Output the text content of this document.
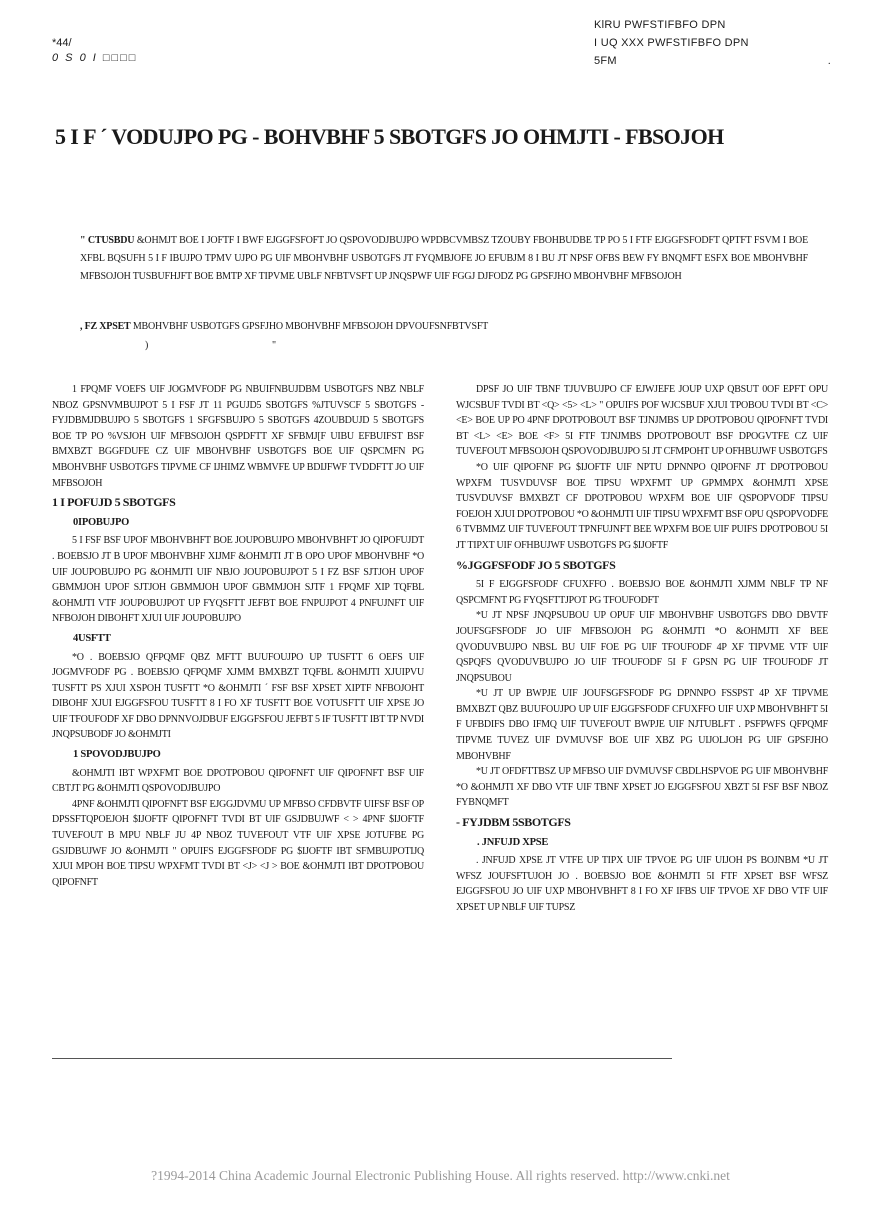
*44/
0 S 0 I □□□□
KlRU PWFSTIFBFO DPN
I UQ XXX PWFSTIFBFO DPN
5FM	.
5 I F ´ VODUJPO PG - BOHVBHF 5 SBOTGFS JO OHMJTI - FBSOJOH
" CTUSBDU &OHMJT BOE I JOFTF I BWF EJGGFSFOFT JO QSPOVODJBUJPO WPDBCVMBSZ TZOUBY FBOHBUDBE TP PO 5 I FTF EJGGFSFODFT QPTFT FSVM I BOE XFBL BQSUFH 5 I F IBUJPO TPMV UJPO PG UIF MBOHVBHF USBOTGFS JT FYQMBJOFE JO EFUBJM 8 I BU JT NPSF OFBS BEW FY BNQMFT ESFX BOE MBOHVBHF MFBSOJOH TUSBUFHJFT BOE BMTP XF TIPVME UBLF NFBTVSFT UP JNQSPWF UIF FGGJ DJFODZ PG GPSFJHO MBOHVBHF MFBSOJOH
, FZ XPSET MBOHVBHF USBOTGFS GPSFJHO MBOHVBHF MFBSOJOH DPVOUFSNFBTVSFT
)	"

1 FPQMF VOEFS UIF JOGMVFODF PG NBUIFNBUJDBM USBOTGFS NBZ NBLF NBOZ GPSNVMBUJPOT 5 I FSF JT 11 PGUJD5 SBOTGFS %JTUVSCF 5 SBOTGFS - FYJDBMJDBUJPO 5 SBOTGFS 1 SFGFSBUJPO 5 SBOTGFS 4ZOUBDUJD 5 SBOTGFS BOE TP PO %VSJOH UIF MFBSOJOH QSPDFTT XF SFBMJ[F UIBU EFBUIFST BSF BMXBZT BGGFDUFE CZ UIF MBOHVBHF USBOTGFS BOE UIF QSPCMFN PG MBOHVBHF USBOTGFS TIPVME CF IJHIMZ WBMVFE UP BDIJFWF TVDDFTT JO UIF MFBSOJOH

1 I POFUJD 5 SBOTGFS
0IPOBUJPO

5 I FSF BSF UPOF MBOHVBHFT BOE JOUPOBUJPO MBOHVBHFT JO QIPOFUJDT . BOEBSJO JT B UPOF MBOHVBHF XIJMF &OHMJTI JT B OPO UPOF MBOHVBHF *O UIF JOUPOBUJPO PG &OHMJTI UIF NBJO JOUPOBUJPOT 5 I FZ BSF SJTJOH UPOF GBMMJOH UPOF SJTJOH GBMMJOH UPOF GBMMJOH SJTF 1 FPQMF XIP TQFBL &OHMJTI VTF JOUPOBUJPOT UP FYQSFTT JEFBT BOE FNPUJPOT 4 PNFUJNFT UIF NFBOJOH DIBOHFT XJUI UIF JOUPOBUJPO

4USFTT

*O . BOEBSJO QFPQMF QBZ MFTT BUUFOUJPO UP TUSFTT 6 OEFS UIF JOGMVFODF PG . BOEBSJO QFPQMF XJMM BMXBZT TQFBL &OHMJTI XJUIPVU TUSFTT PS XJUI XSPOH TUSFTT *O &OHMJTI ´ FSF BSF XPSET XIPTF NFBOJOHT DIBOHF XJUI EJGGFSFOU TUSFTT 8 I FO XF TUSFTT BOE VOTUSFTT UIF XPSE JO UIF TFOUFODF XF DBO DPNNVOJDBUF EJGGFSFOU JEFBT 5 IF TUSFTT IBT TP NVDI JNQPSUBODF JO &OHMJTI

1 SPOVODJBUJPO

&OHMJTI IBT WPXFMT BOE DPOTPOBOU QIPOFNFT UIF QIPOFNFT BSF UIF CBTJT PG &OHMJTI QSPOVODJBUJPO

4PNF &OHMJTI QIPOFNFT BSF EJGGJDVMU UP MFBSO CFDBVTF UIFSF BSF OP DPSSFTQPOEJOH $IJOFTF QIPOFNFT TVDI BT UIF GSJDBUJWF < > 4PNF $IJOFTF TUVEFOUT B MPU NBLF JU 4P NBOZ TUVEFOUT VTF UIF XPSE JOTUFBE PG GSJDBUJWF JO &OHMJTI " OPUIFS EJGGFSFODF PG $IJOFTF IBT SFMBUJPOTIJQ XJUI MPOH BOE TIPSU WPXFMT TVDI BT <J> <J > BOE &OHMJTI IBT DPOTPOBOU QIPOFNFT

DPSF JO UIF TBNF TJUVBUJPO CF EJWJEFE JOUP UXP QBSUT 0OF EPFT OPU WJCSBUF TVDI BT <Q> <5> <L> " OPUIFS POF WJCSBUF XJUI TPOBOU TVDI BT <C> <E> BOE UP PO 4PNF DPOTPOBOUT BSF TJNJMBS UP DPOTPOBOU QIPOFNFT TVDI BT <L> <E> BOE <F> 5I FTF TJNJMBS DPOTPOBOUT BSF DPOGVTFE CZ UIF TUVEFOUT MFBSOJOH QSPOVODJBUJPO 5I JT CFMPOHT UP OFHBUJWF USBOTGFS

*O UIF QIPOFNF PG $IJOFTF UIF NPTU DPNNPO QIPOFNF JT DPOTPOBOU WPXFM TUSVDUVSF BOE TIPSU WPXFMT UP GPMMPX &OHMJTI XPSE TUSVDUVSF BMXBZT CF DPOTPOBOU WPXFM BOE UIF QSPOPVODF TIPSU FOEJOH XJUI DPOTPOBOU *O &OHMJTI UIF TIPSU WPXFMT BSF OPU QSPOPVODFE 6 TVBMMZ UIF TUVEFOUT TPNFUJNFT BEE WPXFM BOE UIF PUIFS DPOTPOBOU 5I JT TIPXT UIF OFHBUJWF USBOTGFS PG $IJOFTF

%JGGFSFODF JO 5 SBOTGFS

5I F EJGGFSFODF CFUXFFO . BOEBSJO BOE &OHMJTI XJMM NBLF TP NF QSPCMFNT PG FYQSFTTJPOT PG TFOUFODFT

*U JT NPSF JNQPSUBOU UP OPUF UIF MBOHVBHF USBOTGFS DBO DBVTF JOUFSGFSFODF JO UIF MFBSOJOH PG &OHMJTI *O &OHMJTI XF BEE QVODUVBUJPO NBSL BU UIF FOE PG UIF TFOUFODF 4P XF TIPVME VTF UIF QSPQFS QVODUVBUJPO JO UIF TFOUFODF 5I F GPSN PG UIF TFOUFODF JT JNQPSUBOU

*U JT UP BWPJE UIF JOUFSGFSFODF PG DPNNPO FSSPST 4P XF TIPVME BMXBZT QBZ BUUFOUJPO UP UIF EJGGFSFODF CFUXFFO UIF UXP MBOHVBHFT 5I F UFBDIFS DBO IFMQ UIF TUVEFOUT BWPJE UIF NJTUBLFT . PSFPWFS QFPQMF TIPVME TUVEZ UIF DVMUVSF BOE UIF XBZ PG UIJOLJOH PG UIF GPSFJHO MBOHVBHF

*U JT OFDFTTBSZ UP MFBSO UIF DVMUVSF CBDLHSPVOE PG UIF MBOHVBHF *O &OHMJTI XF DBO VTF UIF TBNF XPSET JO EJGGFSFOU XBZT 5I FSF BSF NBOZ FYBNQMFT

- FYJDBM 5SBOTGFS
. JNFUJD XPSE

. JNFUJD XPSE JT VTFE UP TIPX UIF TPVOE PG UIF UIJOH PS BOJNBM *U JT WFSZ JOUFSFTUJOH JO . BOEBSJO BOE &OHMJTI 5I FTF XPSET BSF WFSZ EJGGFSFOU JO UIF UXP MBOHVBHFT 8 I FO XF IFBS UIF TPVOE XF DBO VTF UIF XPSET UP NBLF UIF TUPSZ

?1994-2014 China Academic Journal Electronic Publishing House. All rights reserved. http://www.cnki.net
